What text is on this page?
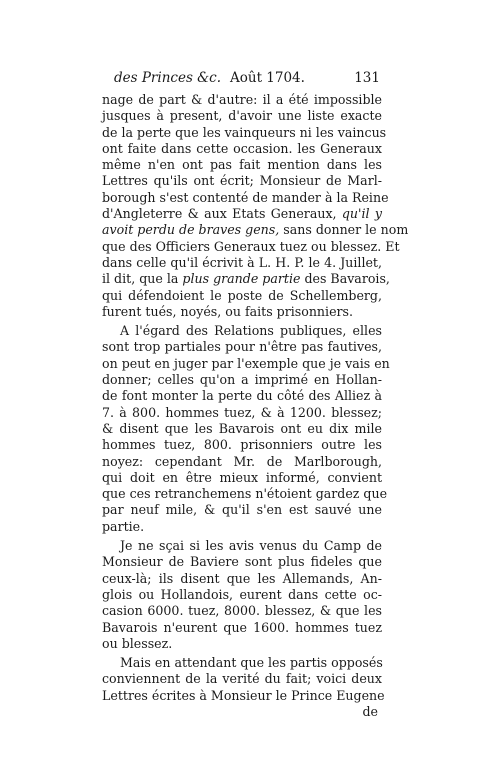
des Princes &c. Août 1704.	131
nage de part & d'autre: il a été impossible
jusques à present, d'avoir une liste exacte
de la perte que les vainqueurs ni les vaincus
ont faite dans cette occasion. les Generaux
même n'en ont pas fait mention dans les
Lettres qu'ils ont écrit; Monsieur de Marl-
borough s'est contenté de mander à la Reine
d'Angleterre & aux Etats Generaux, qu'il y
avoit perdu de braves gens, sans donner le nom
que des Officiers Generaux tuez ou blessez. Et
dans celle qu'il écrivit à L. H. P. le 4. Juillet,
il dit, que la plus grande partie des Bavarois,
qui défendoient le poste de Schellemberg,
furent tués, noyés, ou faits prisonniers.
A l'égard des Relations publiques, elles
sont trop partiales pour n'être pas fautives,
on peut en juger par l'exemple que je vais en
donner; celles qu'on a imprimé en Hollan-
de font monter la perte du côté des Alliez à
7. à 800. hommes tuez, & à 1200. blessez;
& disent que les Bavarois ont eu dix mile
hommes tuez, 800. prisonniers outre les
noyez: cependant Mr. de Marlborough,
qui doit en être mieux informé, convient
que ces retranchemens n'étoient gardez que
par neuf mile, & qu'il s'en est sauvé une
partie.
Je ne sçai si les avis venus du Camp de
Monsieur de Baviere sont plus fideles que
ceux-là; ils disent que les Allemands, An-
glois ou Hollandois, eurent dans cette oc-
casion 6000. tuez, 8000. blessez, & que les
Bavarois n'eurent que 1600. hommes tuez
ou blessez.
Mais en attendant que les partis opposés
conviennent de la verité du fait; voici deux
Lettres écrites à Monsieur le Prince Eugene
de
